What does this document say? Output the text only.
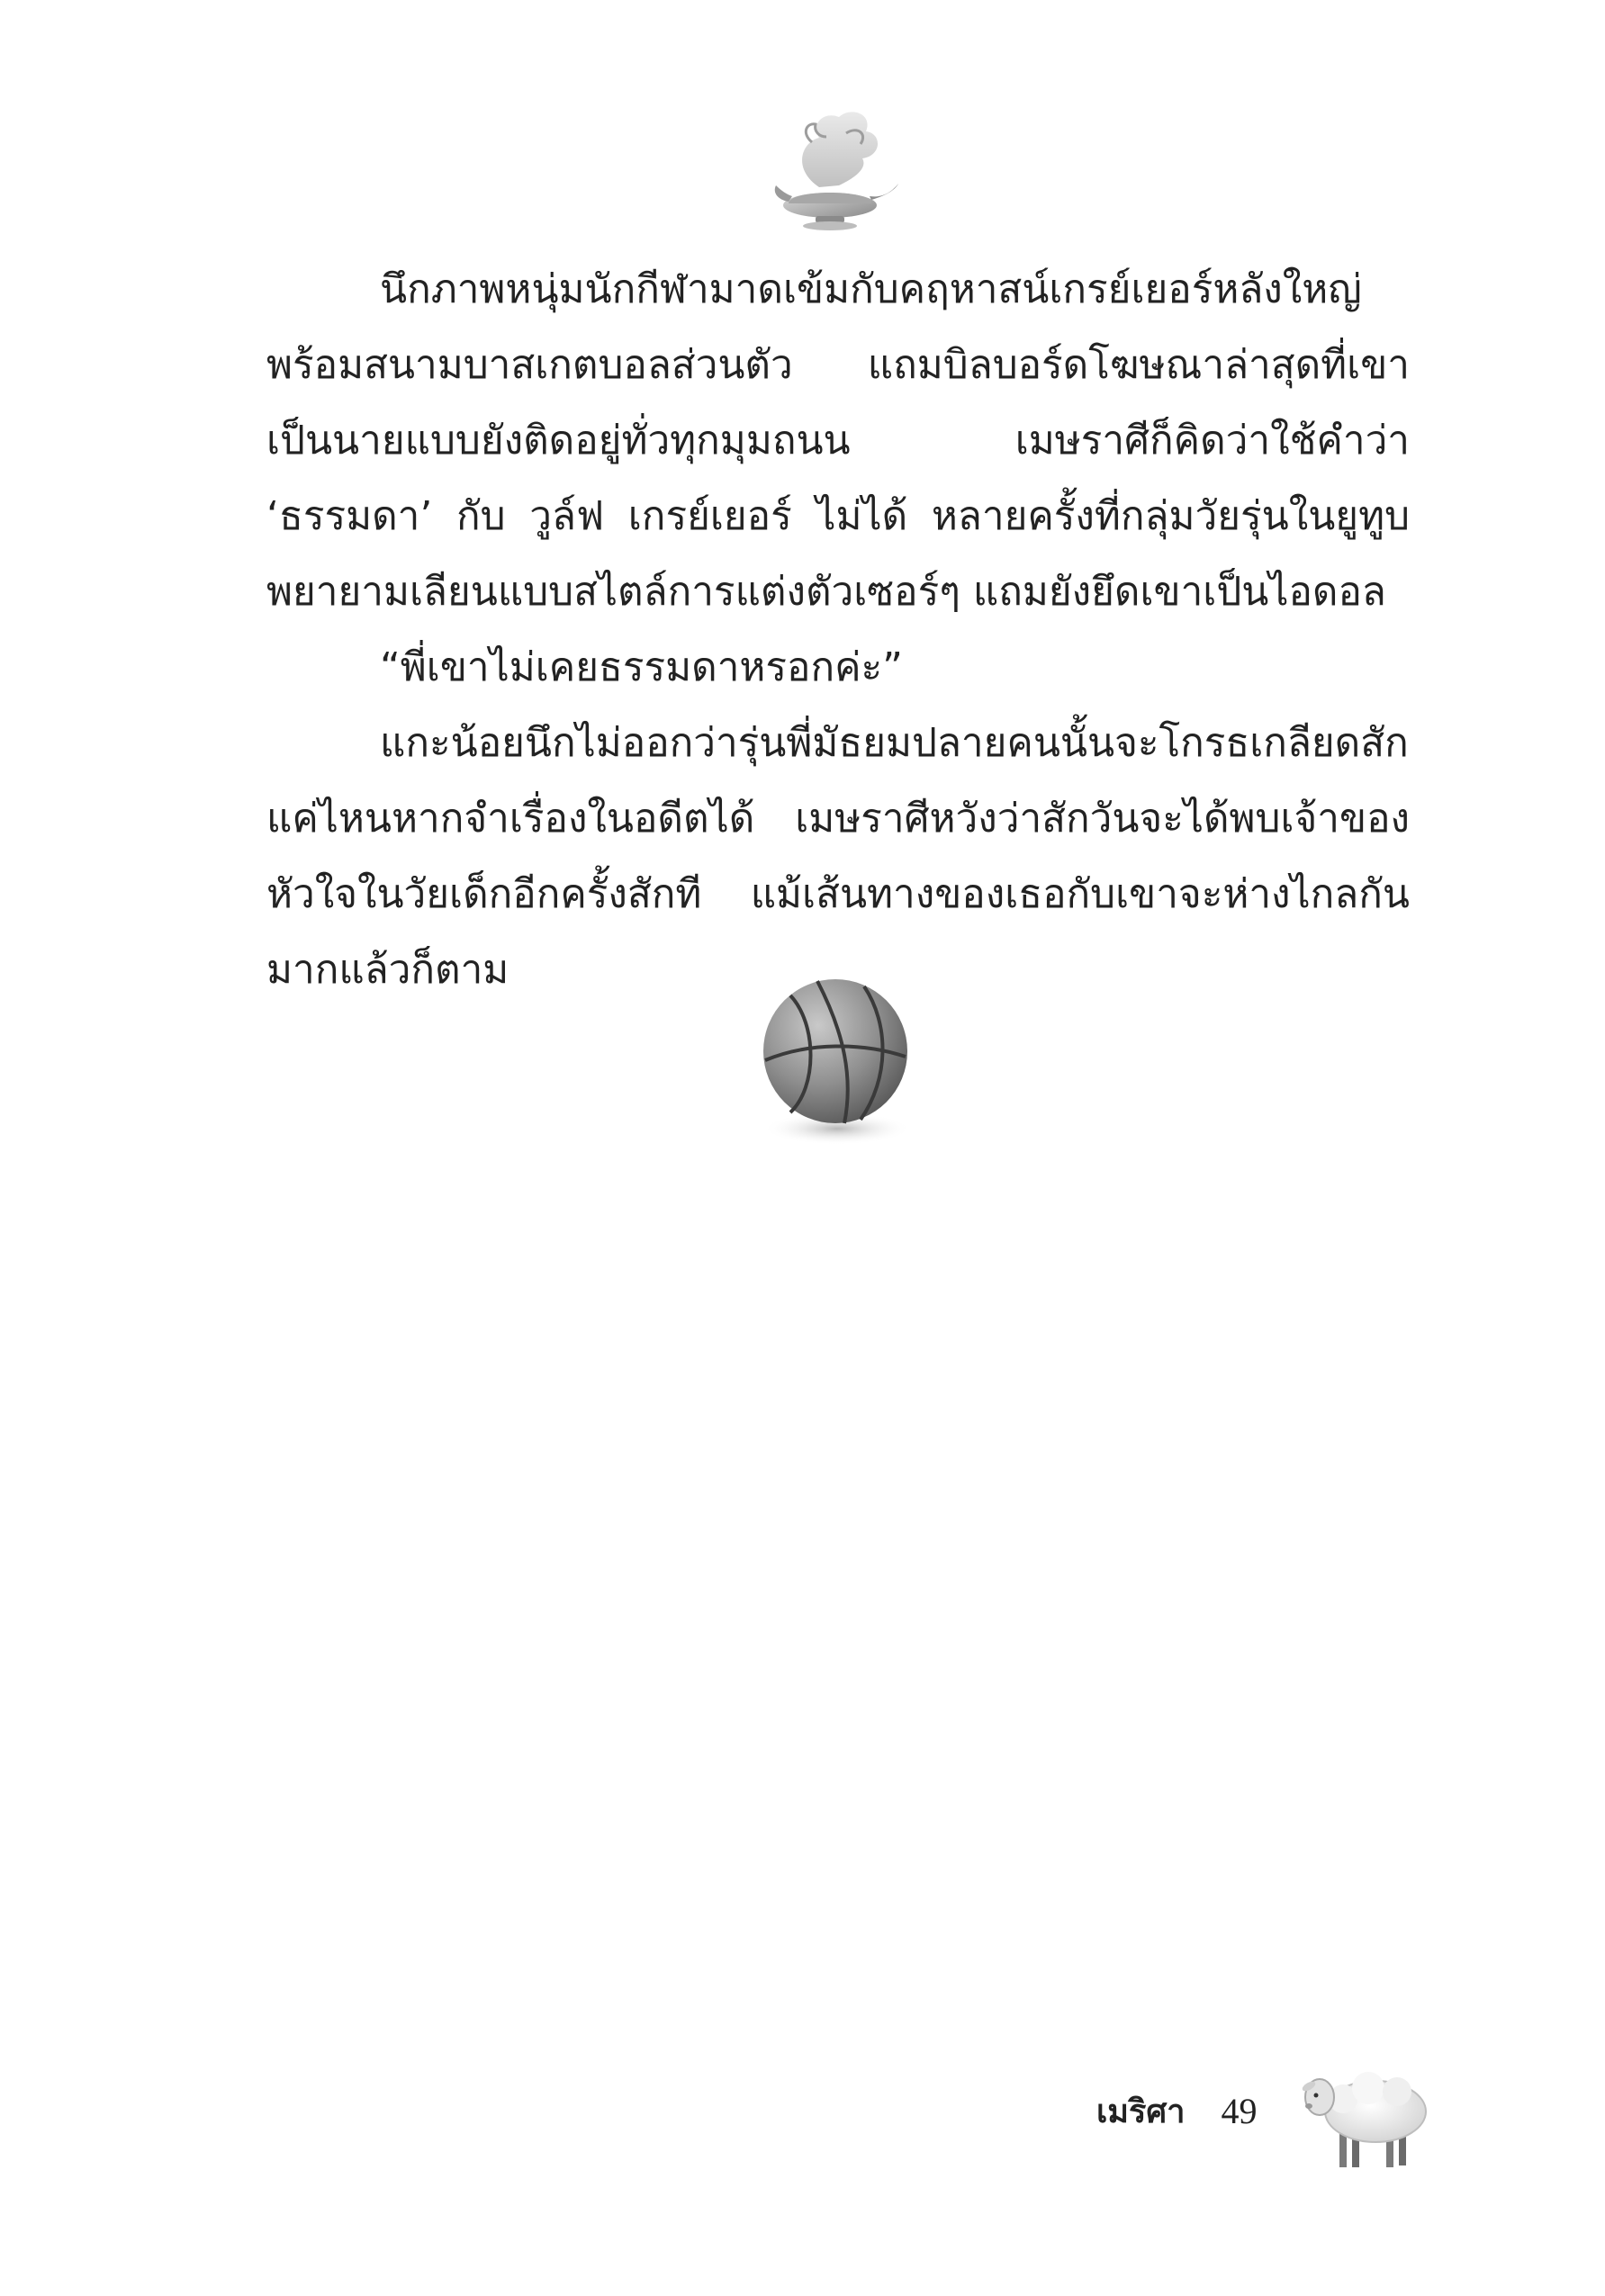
นึกภาพหนุ่มนักกีฬามาดเข้มกับคฤหาสน์เกรย์เยอร์หลังใหญ่พร้อมสนามบาสเกตบอลส่วนตัว แถมบิลบอร์ดโฆษณาล่าสุดที่เขาเป็นนายแบบยังติดอยู่ทั่วทุกมุมถนน เมษราศีก็คิดว่าใช้คำว่า ‘ธรรมดา’ กับ วูล์ฟ เกรย์เยอร์ ไม่ได้ หลายครั้งที่กลุ่มวัยรุ่นในยูทูบพยายามเลียนแบบสไตล์การแต่งตัวเซอร์ๆ แถมยังยึดเขาเป็นไอดอล

“พี่เขาไม่เคยธรรมดาหรอกค่ะ”

แกะน้อยนึกไม่ออกว่ารุ่นพี่มัธยมปลายคนนั้นจะโกรธเกลียดสักแค่ไหนหากจำเรื่องในอดีตได้ เมษราศีหวังว่าสักวันจะได้พบเจ้าของหัวใจในวัยเด็กอีกครั้งสักที แม้เส้นทางของเธอกับเขาจะห่างไกลกันมากแล้วก็ตาม

เมริศา 49
